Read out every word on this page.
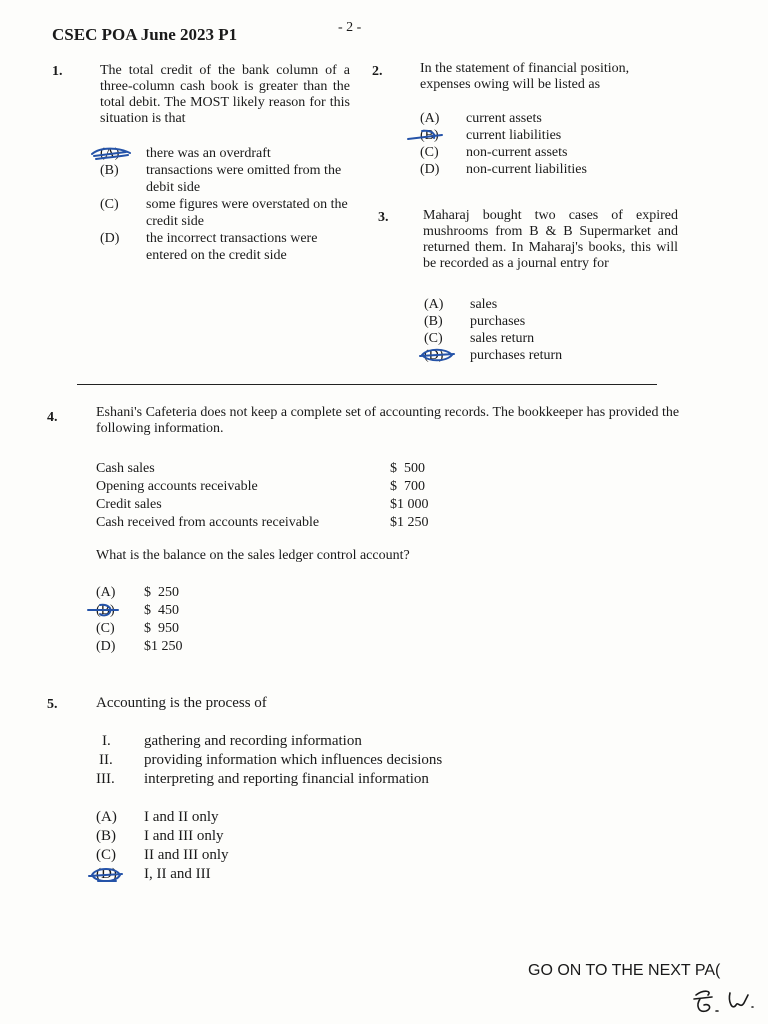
CSEC POA June 2023 P1	- 2 -
1.	The total credit of the bank column of a three-column cash book is greater than the total debit. The MOST likely reason for this situation is that
(A) there was an overdraft
(B)	transactions were omitted from the debit side
(C)	some figures were overstated on the credit side
(D)	the incorrect transactions were entered on the credit side
2.	In the statement of financial position, expenses owing will be listed as
(A) current assets
(B) current liabilities
(C) non-current assets
(D) non-current liabilities
3. Maharaj bought two cases of expired mushrooms from B & B Supermarket and returned them. In Maharaj's books, this will be recorded as a journal entry for
(A) sales
(B) purchases
(C) sales return
(D) purchases return
4.	Eshani's Cafeteria does not keep a complete set of accounting records. The bookkeeper has provided the following information.
Cash sales	$  500
Opening accounts receivable	$  700
Credit sales	$1 000
Cash received from accounts receivable	$1 250
What is the balance on the sales ledger control account?
(A) $  250
(B) $  450
(C) $  950
(D) $1 250
5.	Accounting is the process of
I. gathering and recording information
II. providing information which influences decisions
III. interpreting and reporting financial information
(A) I and II only
(B) I and III only
(C) II and III only
(D) I, II and III
GO ON TO THE NEXT PA(
